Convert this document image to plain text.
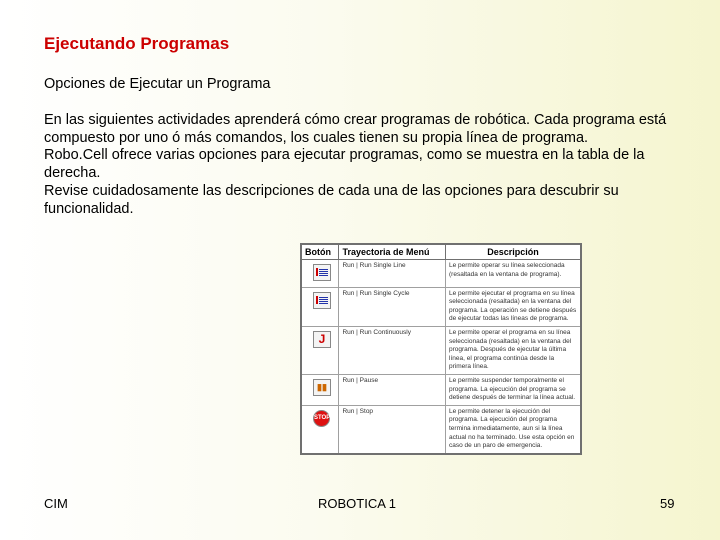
Ejecutando Programas
Opciones de Ejecutar un Programa

En las siguientes actividades aprenderá cómo crear programas de robótica. Cada programa está compuesto por uno ó más comandos, los cuales tienen su propia línea de programa.

Robo.Cell ofrece varias opciones para ejecutar programas, como se muestra en la tabla de la derecha.

Revise cuidadosamente las descripciones de cada una de las opciones para descubrir su funcionalidad.

Botón	Trayectoria de Menú	Descripción
	Run | Run Single Line	Le permite operar su línea seleccionada (resaltada en la ventana de programa).
	Run | Run Single Cycle	Le permite ejecutar el programa en su línea seleccionada (resaltada) en la ventana del programa. La operación se detiene después de ejecutar todas las líneas de programa.
J	Run | Run Continuously	Le permite operar el programa en su línea seleccionada (resaltada) en la ventana del programa. Después de ejecutar la última línea, el programa continúa desde la primera línea.
▮▮	Run | Pause	Le permite suspender temporalmente el programa. La ejecución del programa se detiene después de terminar la línea actual.
STOP	Run | Stop	Le permite detener la ejecución del programa. La ejecución del programa termina inmediatamente, aun si la línea actual no ha terminado. Use esta opción en caso de un paro de emergencia.
CIM	ROBOTICA 1	59
